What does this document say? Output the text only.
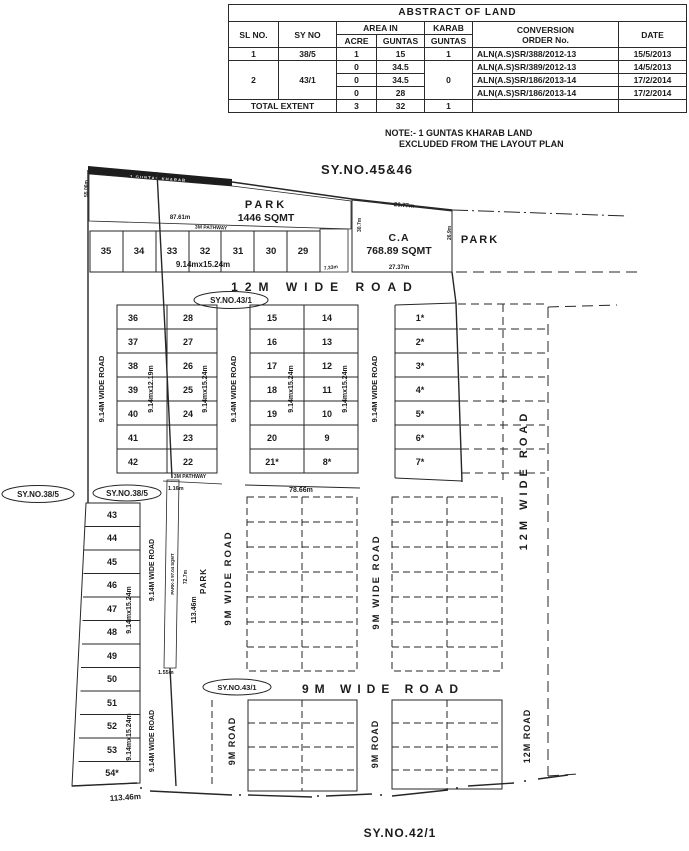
ABSTRACT OF LAND						
SL NO.	SY NO	AREA IN		KARAB	CONVERSION
ORDER No.	DATE
		ACRE	GUNTAS	GUNTAS		
1	38/5	1	15	1	ALN(A.S)SR/388/2012-13	15/5/2013
2	43/1	0	34.5	0	ALN(A.S)SR/389/2012-13	14/5/2013
		0	34.5		ALN(A.S)SR/186/2013-14	17/2/2014
		0	28		ALN(A.S)SR/186/2013-14	17/2/2014
TOTAL EXTENT		3	32	1		
NOTE:- 1 GUNTAS KHARAB LAND
EXCLUDED FROM THE LAYOUT PLAN
1 GUNTAS KHARAB
SY.NO.45&46
PARK
1446 SQMT
74.36m
87.61m
55.06m
3M PATHWAY
35 34 33 32 31 30 29
9.14mx15.24m	7.33m
26.77m
30.7m
26.9m
C.A
768.89 SQMT
27.37m
PARK
12M WIDE ROAD
SY.NO.43/1
36
37
38
39
40
41
42
28
27
26
25
24
23
22
9.14mx12.19m	9.14mx15.24m
15
16
17
18
19
20
21*
14
13
12
11
10
9
8*
9.14mx15.24m	9.14mx15.24m
1*
2*
3*
4*
5*
6*
7*
9.14M WIDE ROAD	9.14M WIDE ROAD	9.14M WIDE ROAD
12M WIDE ROAD
3M PATHWAY
1.16m	78.66m
SY.NO.38/5	SY.NO.38/5
43
44
45
46
47
48
49
50
51
52
53
54*
9.14mx15.24m
9.14mx15.24m
9.14M WIDE ROAD
9.14M WIDE ROAD
PARK-3 97.04 SQMT 72.7m
113.46m
PARK
1.55m
9M WIDE ROAD	9M WIDE ROAD
SY.NO.43/1	9M WIDE ROAD
9M ROAD	9M ROAD	12M ROAD
113.46m
SY.NO.42/1
